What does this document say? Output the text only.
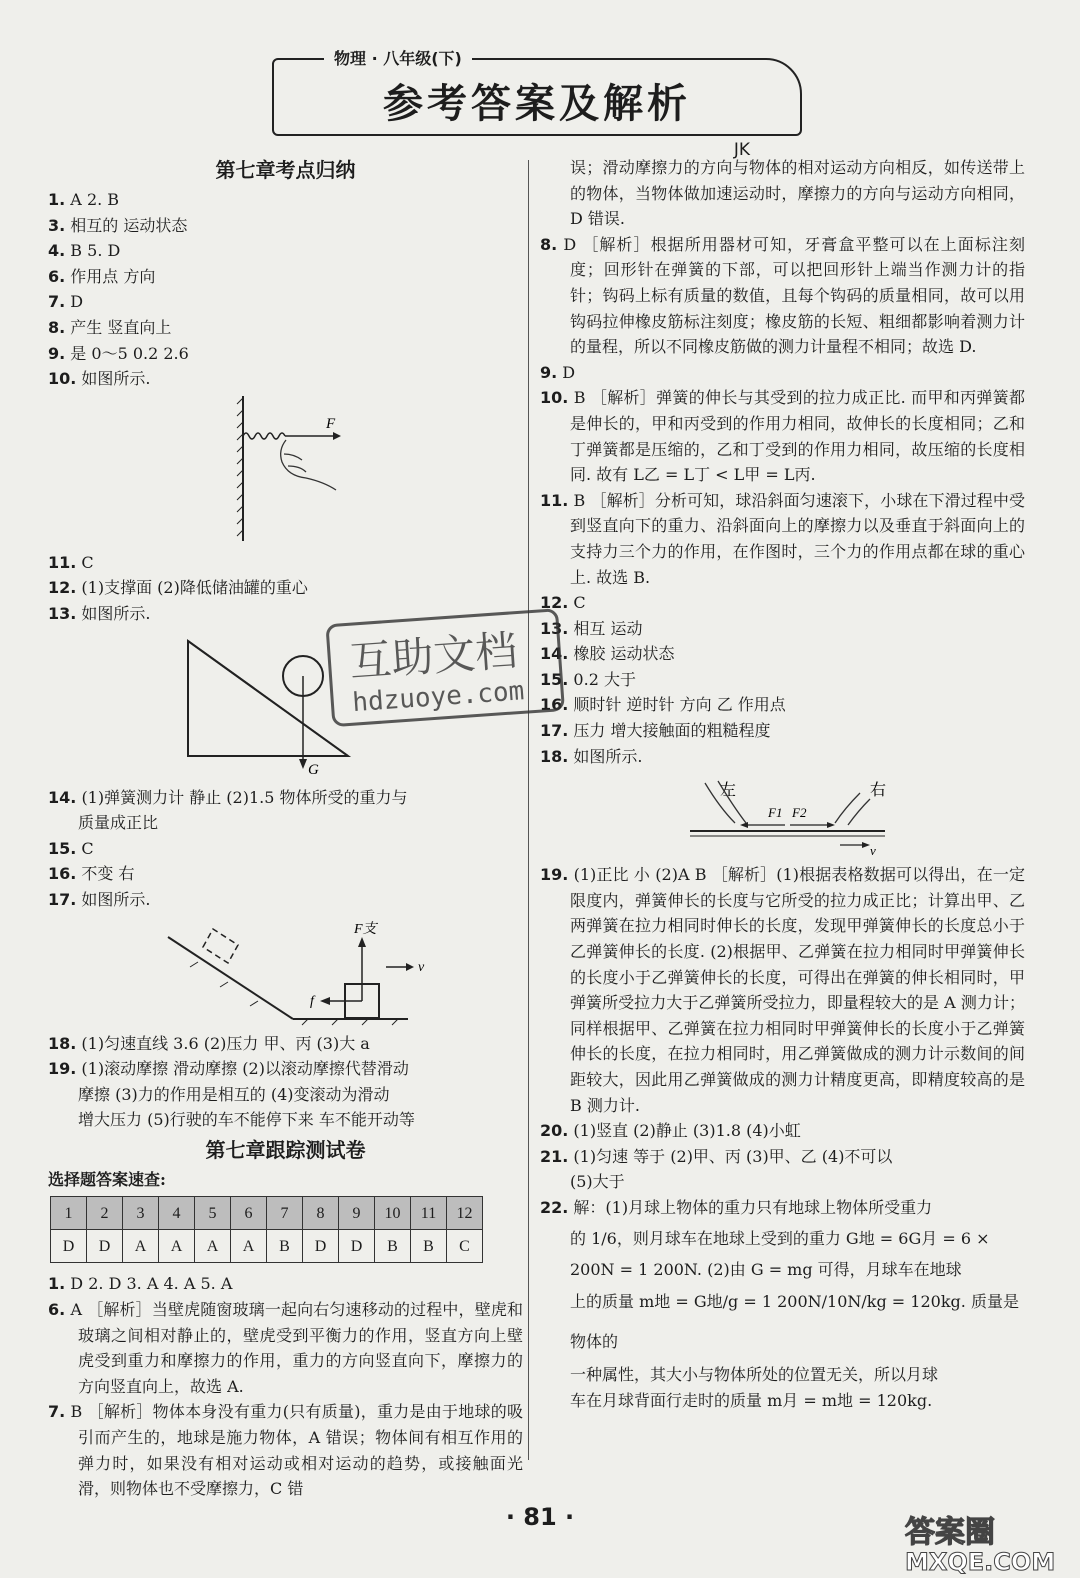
物理 · 八年级(下)
参考答案及解析
JK
第七章考点归纳
1. A 2. B
3. 相互的 运动状态
4. B 5. D
6. 作用点 方向
7. D
8. 产生 竖直向上
9. 是 0～5 0.2 2.6
10. 如图所示.
F
11. C
12. (1)支撑面 (2)降低储油罐的重心
13. 如图所示.
G
14. (1)弹簧测力计 静止 (2)1.5 物体所受的重力与
质量成正比
15. C
16. 不变 右
17. 如图所示.
F支
v
f
18. (1)匀速直线 3.6 (2)压力 甲、丙 (3)大 a
19. (1)滚动摩擦 滑动摩擦 (2)以滚动摩擦代替滑动
摩擦 (3)力的作用是相互的 (4)变滚动为滑动
增大压力 (5)行驶的车不能停下来 车不能开动等
第七章跟踪测试卷
选择题答案速查:
1	2	3	4	5	6	7	8	9	10	11	12
D	D	A	A	A	A	B	D	D	B	B	C
1. D 2. D 3. A 4. A 5. A
6. A ［解析］当壁虎随窗玻璃一起向右匀速移动的过程中，壁虎和玻璃之间相对静止的，壁虎受到平衡力的作用，竖直方向上壁虎受到重力和摩擦力的作用，重力的方向竖直向下，摩擦力的方向竖直向上，故选 A.
7. B ［解析］物体本身没有重力(只有质量)，重力是由于地球的吸引而产生的，地球是施力物体，A 错误；物体间有相互作用的弹力时，如果没有相对运动或相对运动的趋势，或接触面光滑，则物体也不受摩擦力，C 错
误；滑动摩擦力的方向与物体的相对运动方向相反，如传送带上的物体，当物体做加速运动时，摩擦力的方向与运动方向相同，D 错误.
8. D ［解析］根据所用器材可知，牙膏盒平整可以在上面标注刻度；回形针在弹簧的下部，可以把回形针上端当作测力计的指针；钩码上标有质量的数值，且每个钩码的质量相同，故可以用钩码拉伸橡皮筋标注刻度；橡皮筋的长短、粗细都影响着测力计的量程，所以不同橡皮筋做的测力计量程不相同；故选 D.
9. D
10. B ［解析］弹簧的伸长与其受到的拉力成正比. 而甲和丙弹簧都是伸长的，甲和丙受到的作用力相同，故伸长的长度相同；乙和丁弹簧都是压缩的，乙和丁受到的作用力相同，故压缩的长度相同. 故有 L乙 = L丁 < L甲 = L丙.
11. B ［解析］分析可知，球沿斜面匀速滚下，小球在下滑过程中受到竖直向下的重力、沿斜面向上的摩擦力以及垂直于斜面向上的支持力三个力的作用，在作图时，三个力的作用点都在球的重心上. 故选 B.
12. C
13. 相互 运动
14. 橡胶 运动状态
15. 0.2 大于
16. 顺时针 逆时针 方向 乙 作用点
17. 压力 增大接触面的粗糙程度
18. 如图所示.
左	右
F1 F2
v
19. (1)正比 小 (2)A B ［解析］(1)根据表格数据可以得出，在一定限度内，弹簧伸长的长度与它所受的拉力成正比；计算出甲、乙两弹簧在拉力相同时伸长的长度，发现甲弹簧伸长的长度总小于乙弹簧伸长的长度. (2)根据甲、乙弹簧在拉力相同时甲弹簧伸长的长度小于乙弹簧伸长的长度，可得出在弹簧的伸长相同时，甲弹簧所受拉力大于乙弹簧所受拉力，即量程较大的是 A 测力计；同样根据甲、乙弹簧在拉力相同时甲弹簧伸长的长度小于乙弹簧伸长的长度，在拉力相同时，用乙弹簧做成的测力计示数间的间距较大，因此用乙弹簧做成的测力计精度更高，即精度较高的是 B 测力计.
20. (1)竖直 (2)静止 (3)1.8 (4)小虹
21. (1)匀速 等于 (2)甲、丙 (3)甲、乙 (4)不可以
(5)大于
22. 解：(1)月球上物体的重力只有地球上物体所受重力
的 1/6，则月球车在地球上受到的重力 G地 = 6G月 = 6 ×
200N = 1 200N. (2)由 G = mg 可得，月球车在地球
上的质量 m地 = G地/g = 1 200N/10N/kg = 120kg. 质量是物体的
一种属性，其大小与物体所处的位置无关，所以月球
车在月球背面行走时的质量 m月 = m地 = 120kg.
· 81 ·
互助文档
hdzuoye.com
答案圈
MXQE.COM
